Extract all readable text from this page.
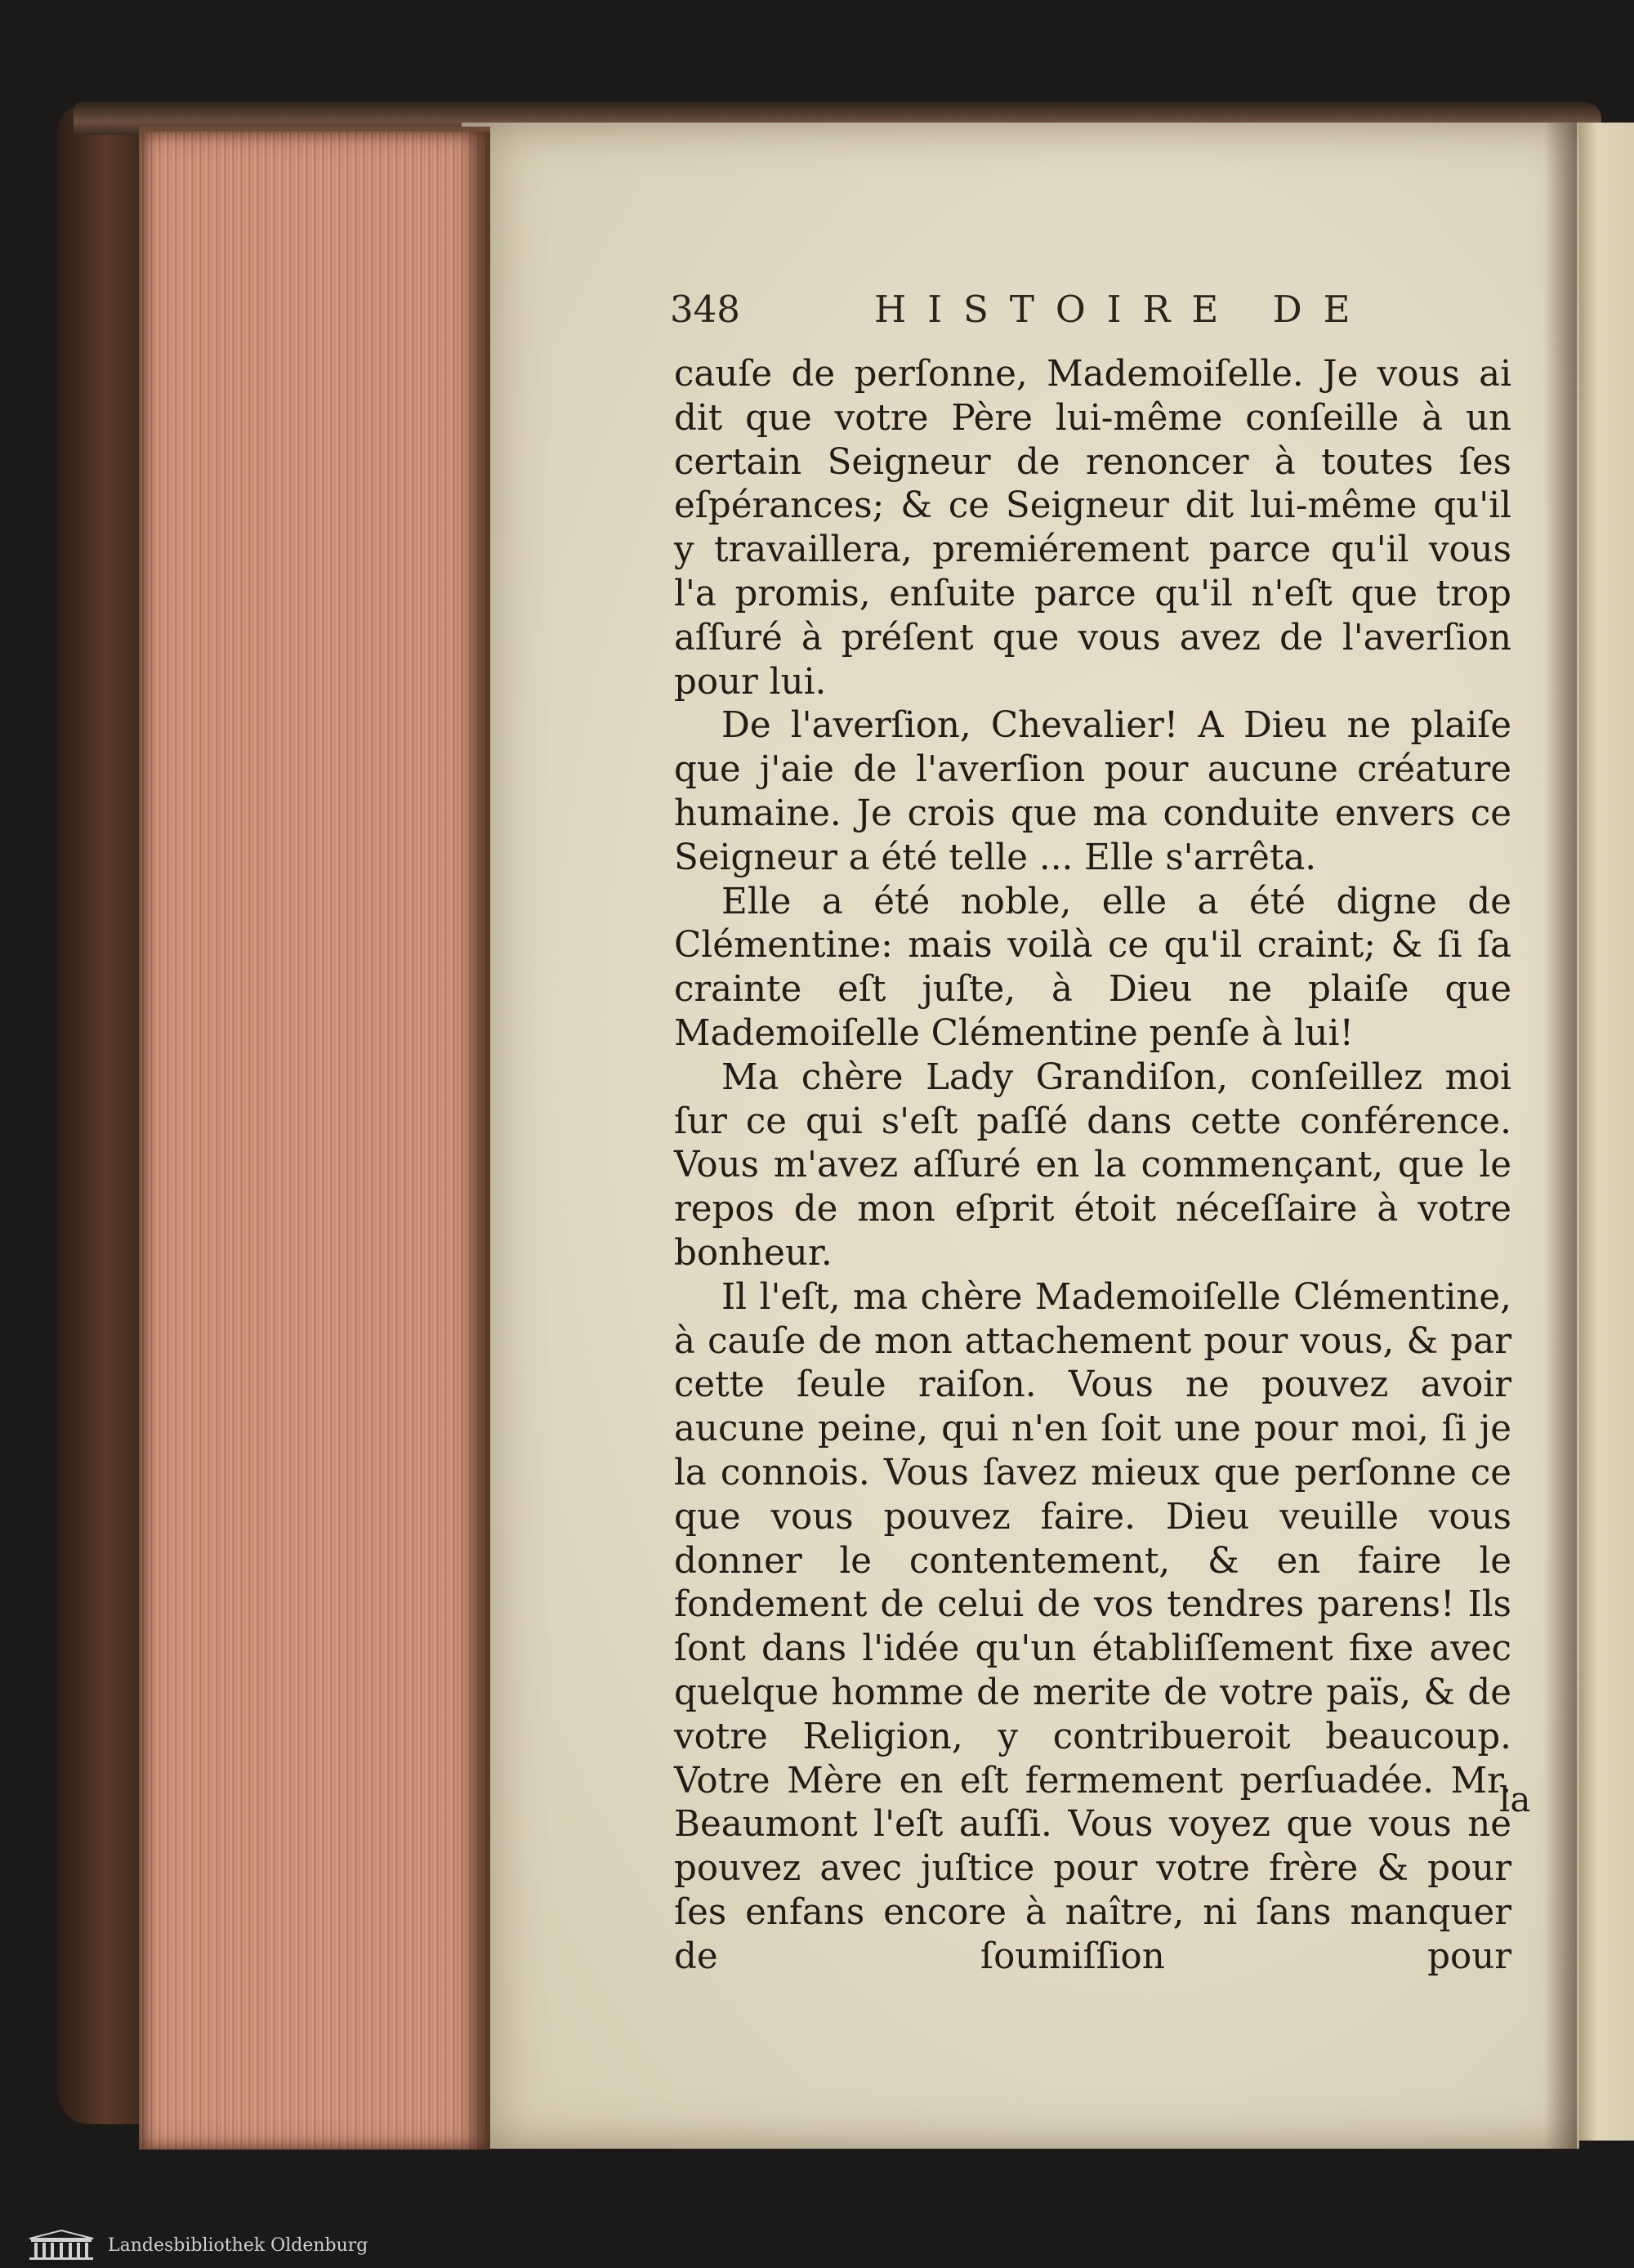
348	HISTOIRE DE

cauſe de perſonne, Mademoiſelle. Je vous ai dit que votre Père lui-même conſeille à un certain Seigneur de renoncer à toutes ſes eſpérances; & ce Seigneur dit lui-même qu'il y travaillera, premiérement parce qu'il vous l'a promis, enſuite parce qu'il n'eſt que trop aſſuré à préſent que vous avez de l'averſion pour lui.

De l'averſion, Chevalier! A Dieu ne plaiſe que j'aie de l'averſion pour aucune créature humaine. Je crois que ma conduite envers ce Seigneur a été telle ... Elle s'arrêta.

Elle a été noble, elle a été digne de Clémentine: mais voilà ce qu'il craint; & ſi ſa crainte eſt juſte, à Dieu ne plaiſe que Mademoiſelle Clémentine penſe à lui!

Ma chère Lady Grandiſon, conſeillez moi ſur ce qui s'eſt paſſé dans cette conférence. Vous m'avez aſſuré en la commençant, que le repos de mon eſprit étoit néceſſaire à votre bonheur.

Il l'eſt, ma chère Mademoiſelle Clémentine, à cauſe de mon attachement pour vous, & par cette ſeule raiſon. Vous ne pouvez avoir aucune peine, qui n'en ſoit une pour moi, ſi je la connois. Vous ſavez mieux que perſonne ce que vous pouvez faire. Dieu veuille vous donner le contentement, & en faire le fondement de celui de vos tendres parens! Ils ſont dans l'idée qu'un établiſſement fixe avec quelque homme de merite de votre païs, & de votre Religion, y contribueroit beaucoup. Votre Mère en eſt fermement perſuadée. Mr. Beaumont l'eſt auſſi. Vous voyez que vous ne pouvez avec juſtice pour votre frère & pour ſes enfans encore à naître, ni ſans manquer de ſoumiſſion pour

la
Landesbibliothek Oldenburg
